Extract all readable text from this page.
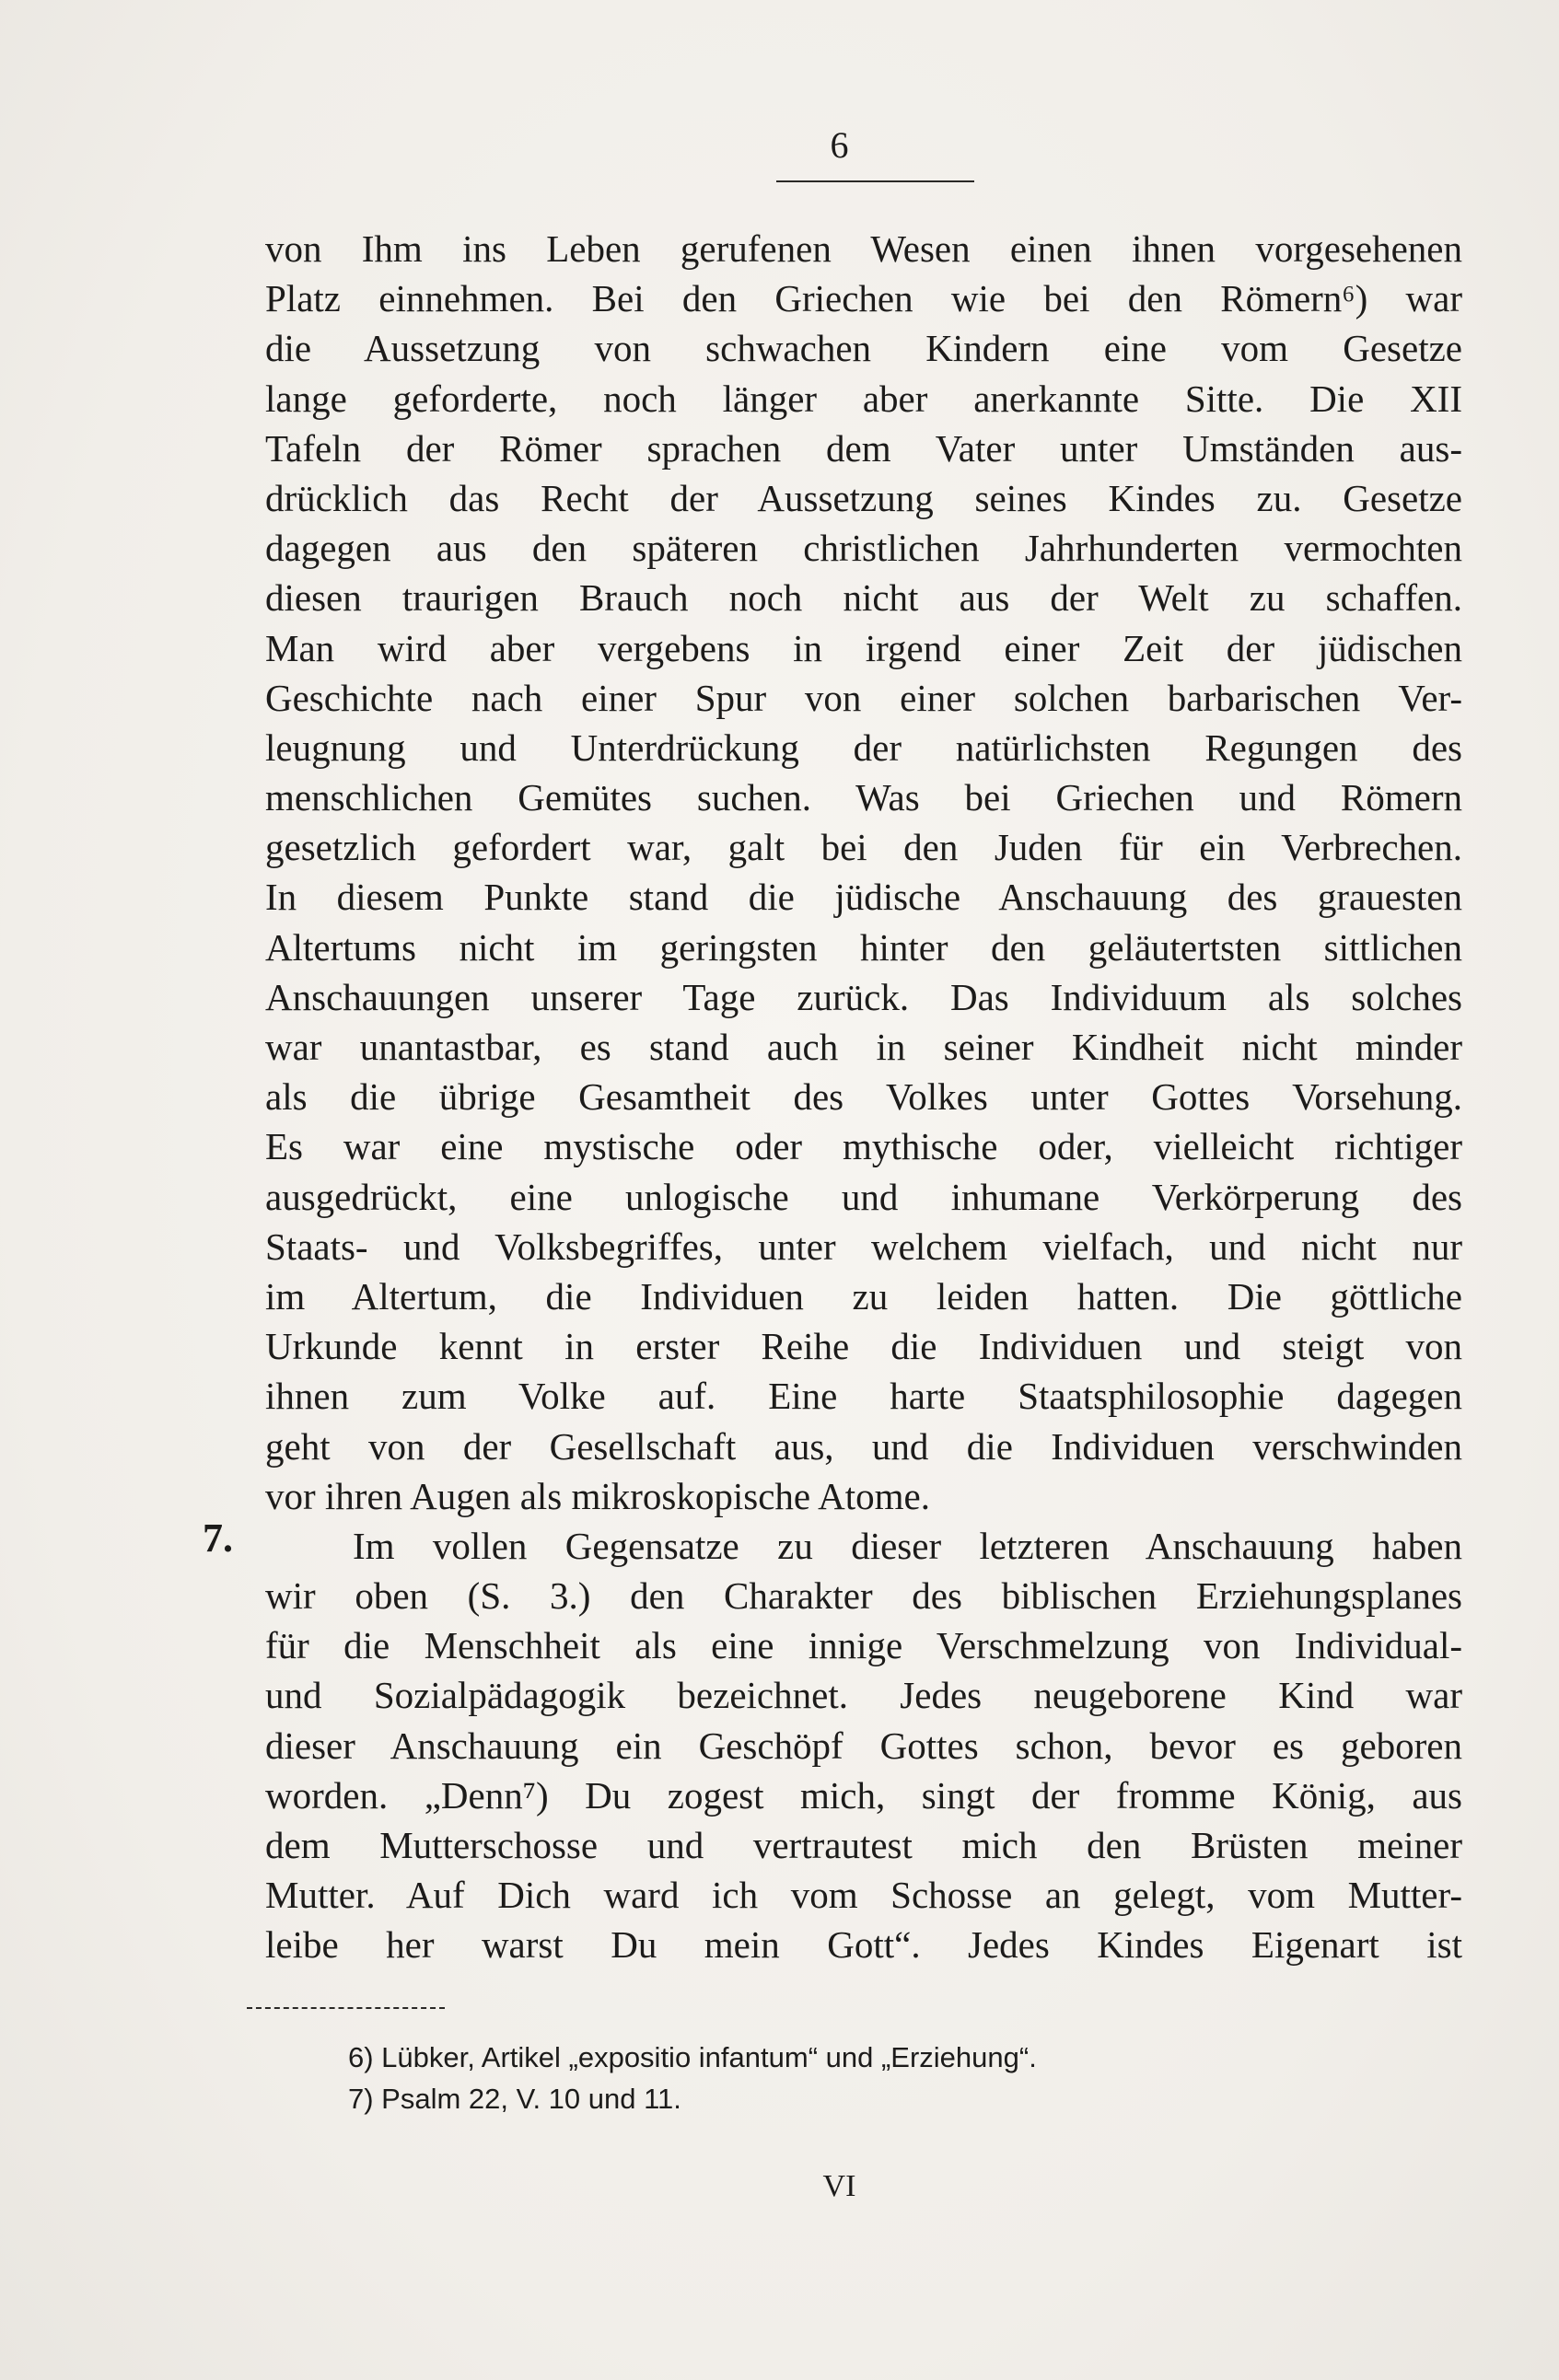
6
von Ihm ins Leben gerufenen Wesen einen ihnen vorgesehenen
Platz einnehmen. Bei den Griechen wie bei den Römern⁶) war
die Aussetzung von schwachen Kindern eine vom Gesetze
lange geforderte, noch länger aber anerkannte Sitte. Die XII
Tafeln der Römer sprachen dem Vater unter Umständen aus-
drücklich das Recht der Aussetzung seines Kindes zu. Gesetze
dagegen aus den späteren christlichen Jahrhunderten vermochten
diesen traurigen Brauch noch nicht aus der Welt zu schaffen.
Man wird aber vergebens in irgend einer Zeit der jüdischen
Geschichte nach einer Spur von einer solchen barbarischen Ver-
leugnung und Unterdrückung der natürlichsten Regungen des
menschlichen Gemütes suchen. Was bei Griechen und Römern
gesetzlich gefordert war, galt bei den Juden für ein Verbrechen.
In diesem Punkte stand die jüdische Anschauung des grauesten
Altertums nicht im geringsten hinter den geläutertsten sittlichen
Anschauungen unserer Tage zurück. Das Individuum als solches
war unantastbar, es stand auch in seiner Kindheit nicht minder
als die übrige Gesamtheit des Volkes unter Gottes Vorsehung.
Es war eine mystische oder mythische oder, vielleicht richtiger
ausgedrückt, eine unlogische und inhumane Verkörperung des
Staats- und Volksbegriffes, unter welchem vielfach, und nicht nur
im Altertum, die Individuen zu leiden hatten. Die göttliche
Urkunde kennt in erster Reihe die Individuen und steigt von
ihnen zum Volke auf. Eine harte Staatsphilosophie dagegen
geht von der Gesellschaft aus, und die Individuen verschwinden
vor ihren Augen als mikroskopische Atome.
Im vollen Gegensatze zu dieser letzteren Anschauung haben
wir oben (S. 3.) den Charakter des biblischen Erziehungsplanes
für die Menschheit als eine innige Verschmelzung von Individual-
und Sozialpädagogik bezeichnet. Jedes neugeborene Kind war
dieser Anschauung ein Geschöpf Gottes schon, bevor es geboren
worden. „Denn⁷) Du zogest mich, singt der fromme König, aus
dem Mutterschosse und vertrautest mich den Brüsten meiner
Mutter. Auf Dich ward ich vom Schosse an gelegt, vom Mutter-
leibe her warst Du mein Gott“. Jedes Kindes Eigenart ist
7.
6) Lübker, Artikel „expositio infantum“ und „Erziehung“.
7) Psalm 22, V. 10 und 11.
VI
